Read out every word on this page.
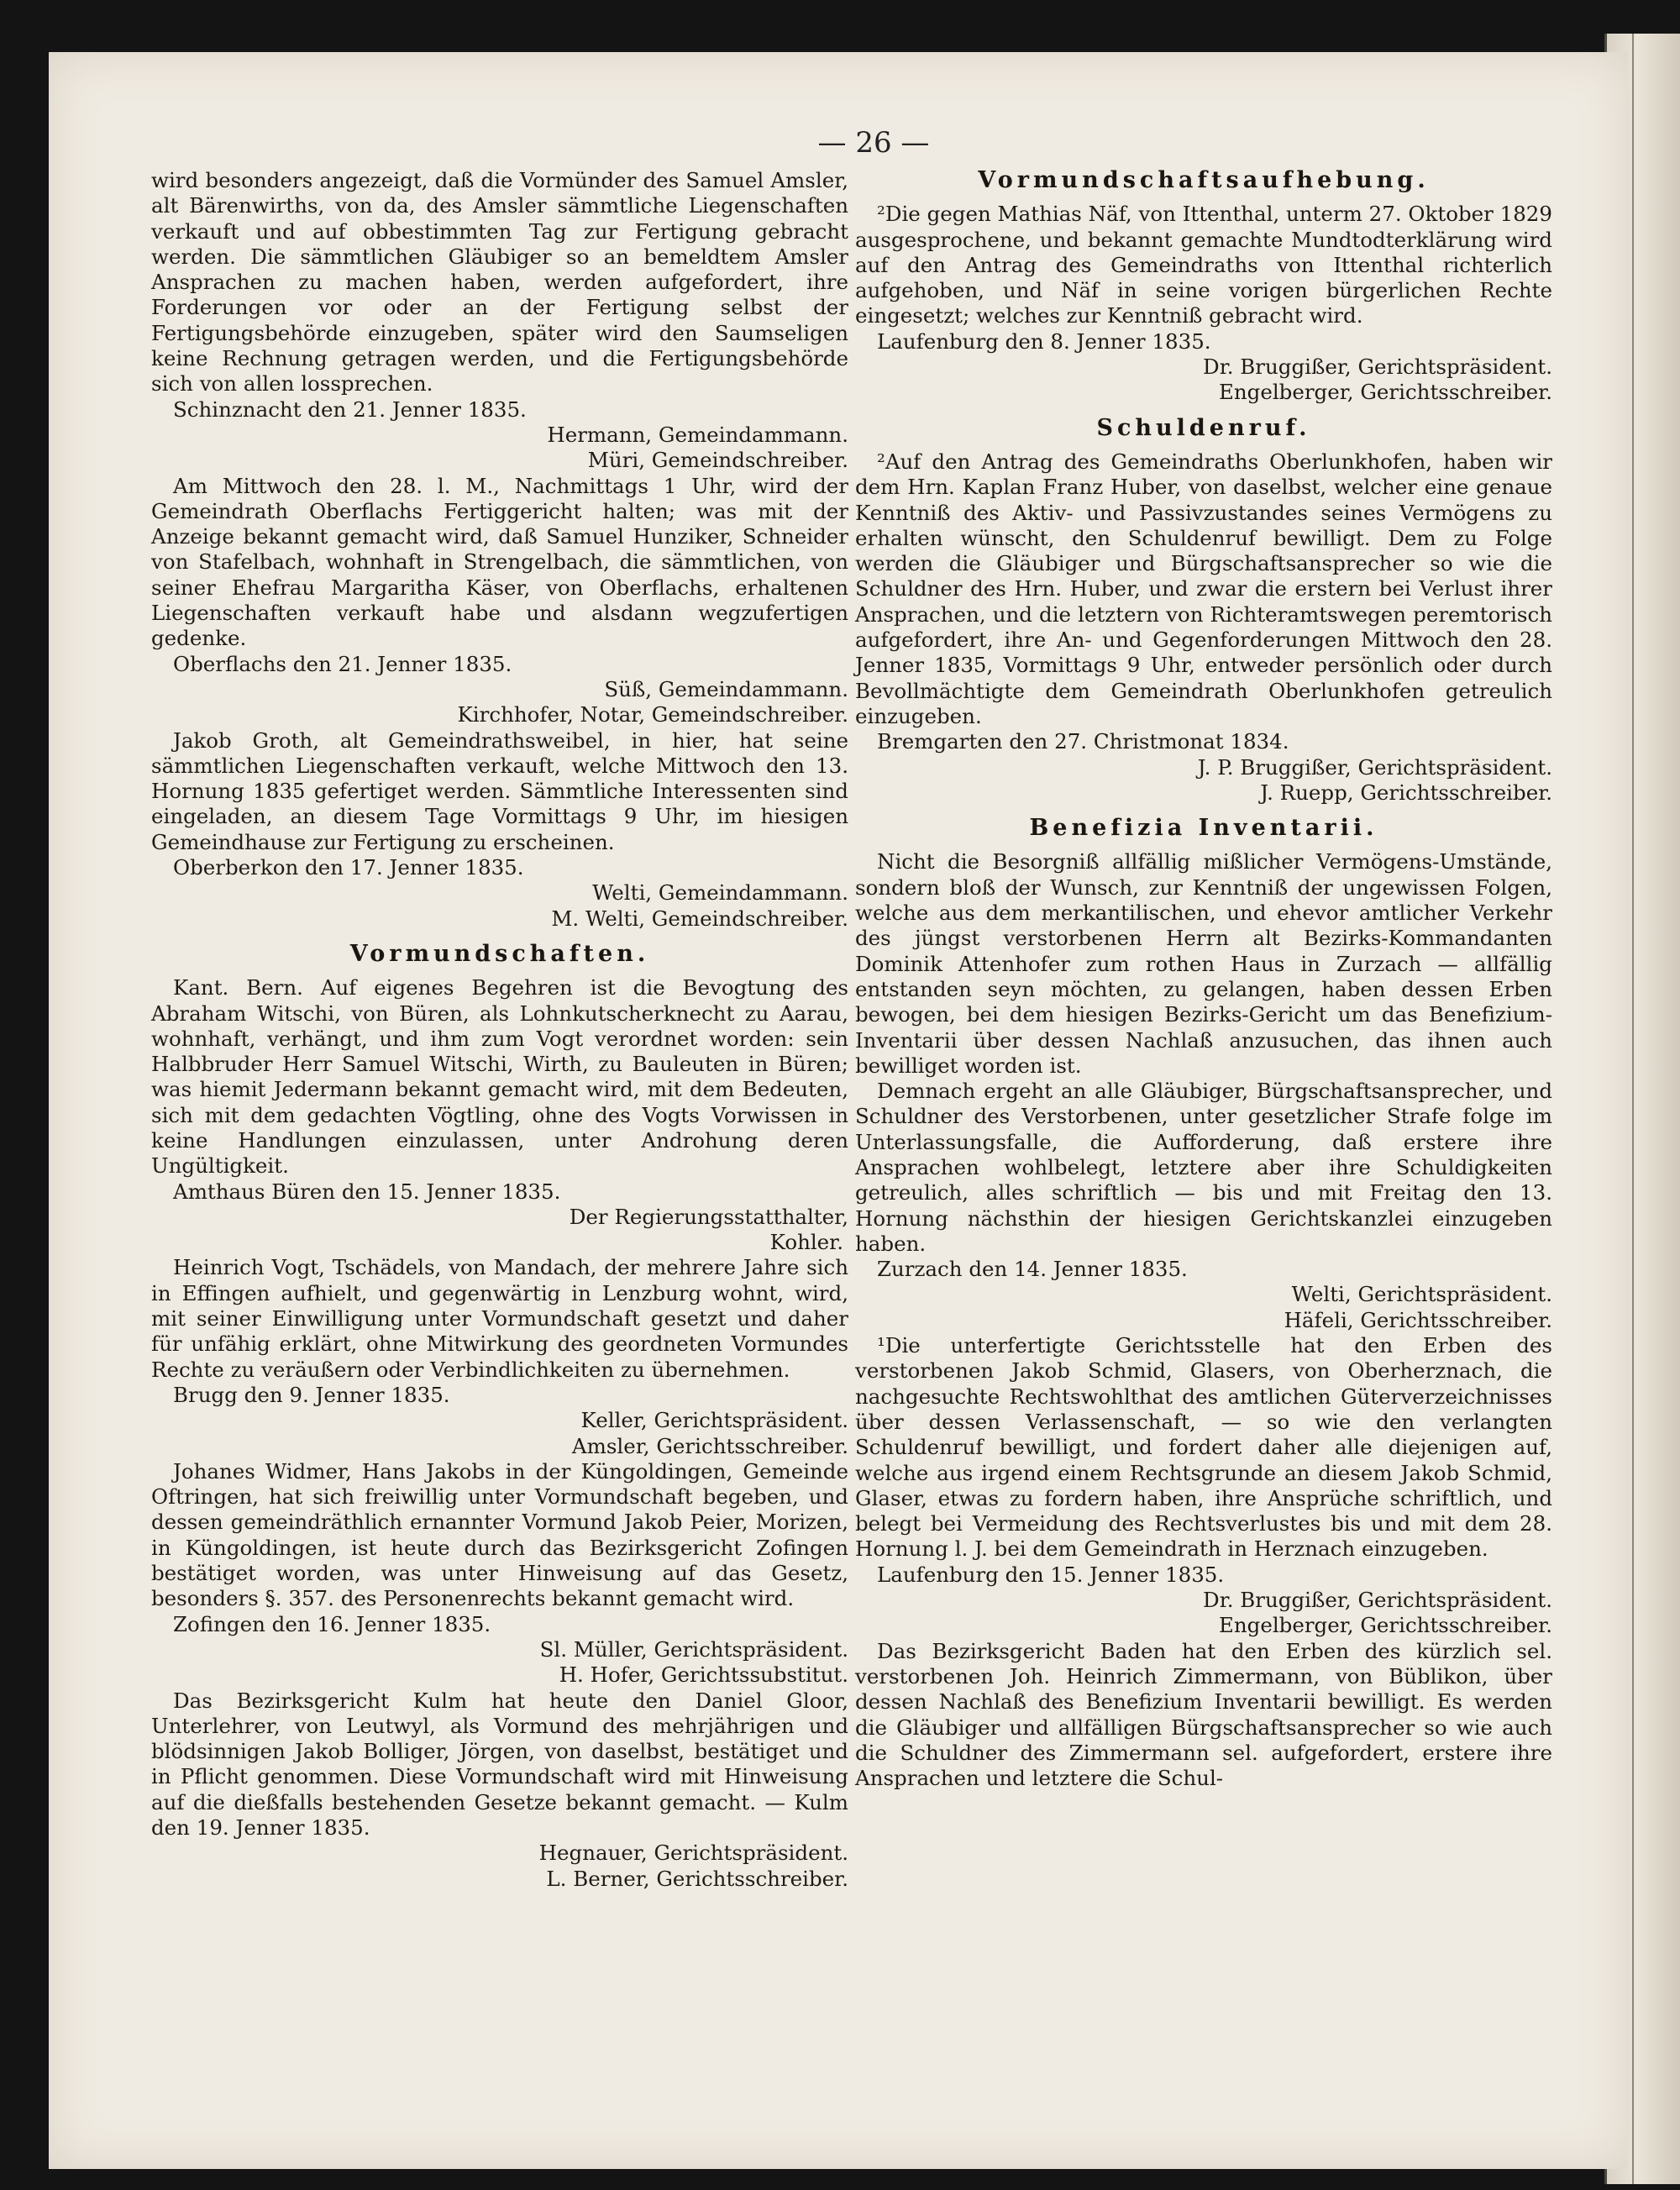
— 26 —

wird besonders angezeigt, daß die Vormünder des Samuel Amsler, alt Bärenwirths, von da, des Amsler sämmtliche Liegenschaften verkauft und auf obbestimmten Tag zur Fertigung gebracht werden. Die sämmtlichen Gläubiger so an bemeldtem Amsler Ansprachen zu machen haben, werden aufgefordert, ihre Forderungen vor oder an der Fertigung selbst der Fertigungsbehörde einzugeben, später wird den Saumseligen keine Rechnung getragen werden, und die Fertigungsbehörde sich von allen lossprechen.

Schinznacht den 21. Jenner 1835.

Hermann, Gemeindammann.

Müri, Gemeindschreiber.

Am Mittwoch den 28. l. M., Nachmittags 1 Uhr, wird der Gemeindrath Oberflachs Fertiggericht halten; was mit der Anzeige bekannt gemacht wird, daß Samuel Hunziker, Schneider von Stafelbach, wohnhaft in Strengelbach, die sämmtlichen, von seiner Ehefrau Margaritha Käser, von Oberflachs, erhaltenen Liegenschaften verkauft habe und alsdann wegzufertigen gedenke.

Oberflachs den 21. Jenner 1835.

Süß, Gemeindammann.

Kirchhofer, Notar, Gemeindschreiber.

Jakob Groth, alt Gemeindrathsweibel, in hier, hat seine sämmtlichen Liegenschaften verkauft, welche Mittwoch den 13. Hornung 1835 gefertiget werden. Sämmtliche Interessenten sind eingeladen, an diesem Tage Vormittags 9 Uhr, im hiesigen Gemeindhause zur Fertigung zu erscheinen.

Oberberkon den 17. Jenner 1835.

Welti, Gemeindammann.

M. Welti, Gemeindschreiber.

Vormundschaften.

Kant. Bern. Auf eigenes Begehren ist die Bevogtung des Abraham Witschi, von Büren, als Lohnkutscherknecht zu Aarau, wohnhaft, verhängt, und ihm zum Vogt verordnet worden: sein Halbbruder Herr Samuel Witschi, Wirth, zu Bauleuten in Büren; was hiemit Jedermann bekannt gemacht wird, mit dem Bedeuten, sich mit dem gedachten Vögtling, ohne des Vogts Vorwissen in keine Handlungen einzulassen, unter Androhung deren Ungültigkeit.

Amthaus Büren den 15. Jenner 1835.

Der Regierungsstatthalter,

Kohler.

Heinrich Vogt, Tschädels, von Mandach, der mehrere Jahre sich in Effingen aufhielt, und gegenwärtig in Lenzburg wohnt, wird, mit seiner Einwilligung unter Vormundschaft gesetzt und daher für unfähig erklärt, ohne Mitwirkung des geordneten Vormundes Rechte zu veräußern oder Verbindlichkeiten zu übernehmen.

Brugg den 9. Jenner 1835.

Keller, Gerichtspräsident.

Amsler, Gerichtsschreiber.

Johanes Widmer, Hans Jakobs in der Küngoldingen, Gemeinde Oftringen, hat sich freiwillig unter Vormundschaft begeben, und dessen gemeindräthlich ernannter Vormund Jakob Peier, Morizen, in Küngoldingen, ist heute durch das Bezirksgericht Zofingen bestätiget worden, was unter Hinweisung auf das Gesetz, besonders §. 357. des Personenrechts bekannt gemacht wird.

Zofingen den 16. Jenner 1835.

Sl. Müller, Gerichtspräsident.

H. Hofer, Gerichtssubstitut.

Das Bezirksgericht Kulm hat heute den Daniel Gloor, Unterlehrer, von Leutwyl, als Vormund des mehrjährigen und blödsinnigen Jakob Bolliger, Jörgen, von daselbst, bestätiget und in Pflicht genommen. Diese Vormundschaft wird mit Hinweisung auf die dießfalls bestehenden Gesetze bekannt gemacht. — Kulm den 19. Jenner 1835.

Hegnauer, Gerichtspräsident.

L. Berner, Gerichtsschreiber.

Vormundschaftsaufhebung.

²Die gegen Mathias Näf, von Ittenthal, unterm 27. Oktober 1829 ausgesprochene, und bekannt gemachte Mundtodterklärung wird auf den Antrag des Gemeindraths von Ittenthal richterlich aufgehoben, und Näf in seine vorigen bürgerlichen Rechte eingesetzt; welches zur Kenntniß gebracht wird.

Laufenburg den 8. Jenner 1835.

Dr. Bruggißer, Gerichtspräsident.

Engelberger, Gerichtsschreiber.

Schuldenruf.

²Auf den Antrag des Gemeindraths Oberlunkhofen, haben wir dem Hrn. Kaplan Franz Huber, von daselbst, welcher eine genaue Kenntniß des Aktiv- und Passivzustandes seines Vermögens zu erhalten wünscht, den Schuldenruf bewilligt. Dem zu Folge werden die Gläubiger und Bürgschaftsansprecher so wie die Schuldner des Hrn. Huber, und zwar die erstern bei Verlust ihrer Ansprachen, und die letztern von Richteramtswegen peremtorisch aufgefordert, ihre An- und Gegenforderungen Mittwoch den 28. Jenner 1835, Vormittags 9 Uhr, entweder persönlich oder durch Bevollmächtigte dem Gemeindrath Oberlunkhofen getreulich einzugeben.

Bremgarten den 27. Christmonat 1834.

J. P. Bruggißer, Gerichtspräsident.

J. Ruepp, Gerichtsschreiber.

Benefizia Inventarii.

Nicht die Besorgniß allfällig mißlicher Vermögens-Umstände, sondern bloß der Wunsch, zur Kenntniß der ungewissen Folgen, welche aus dem merkantilischen, und ehevor amtlicher Verkehr des jüngst verstorbenen Herrn alt Bezirks-Kommandanten Dominik Attenhofer zum rothen Haus in Zurzach — allfällig entstanden seyn möchten, zu gelangen, haben dessen Erben bewogen, bei dem hiesigen Bezirks-Gericht um das Benefizium-Inventarii über dessen Nachlaß anzusuchen, das ihnen auch bewilliget worden ist.

Demnach ergeht an alle Gläubiger, Bürgschaftsansprecher, und Schuldner des Verstorbenen, unter gesetzlicher Strafe folge im Unterlassungsfalle, die Aufforderung, daß erstere ihre Ansprachen wohlbelegt, letztere aber ihre Schuldigkeiten getreulich, alles schriftlich — bis und mit Freitag den 13. Hornung nächsthin der hiesigen Gerichtskanzlei einzugeben haben.

Zurzach den 14. Jenner 1835.

Welti, Gerichtspräsident.

Häfeli, Gerichtsschreiber.

¹Die unterfertigte Gerichtsstelle hat den Erben des verstorbenen Jakob Schmid, Glasers, von Oberherznach, die nachgesuchte Rechtswohlthat des amtlichen Güterverzeichnisses über dessen Verlassenschaft, — so wie den verlangten Schuldenruf bewilligt, und fordert daher alle diejenigen auf, welche aus irgend einem Rechtsgrunde an diesem Jakob Schmid, Glaser, etwas zu fordern haben, ihre Ansprüche schriftlich, und belegt bei Vermeidung des Rechtsverlustes bis und mit dem 28. Hornung l. J. bei dem Gemeindrath in Herznach einzugeben.

Laufenburg den 15. Jenner 1835.

Dr. Bruggißer, Gerichtspräsident.

Engelberger, Gerichtsschreiber.

Das Bezirksgericht Baden hat den Erben des kürzlich sel. verstorbenen Joh. Heinrich Zimmermann, von Büblikon, über dessen Nachlaß des Benefizium Inventarii bewilligt. Es werden die Gläubiger und allfälligen Bürgschaftsansprecher so wie auch die Schuldner des Zimmermann sel. aufgefordert, erstere ihre Ansprachen und letztere die Schul-
